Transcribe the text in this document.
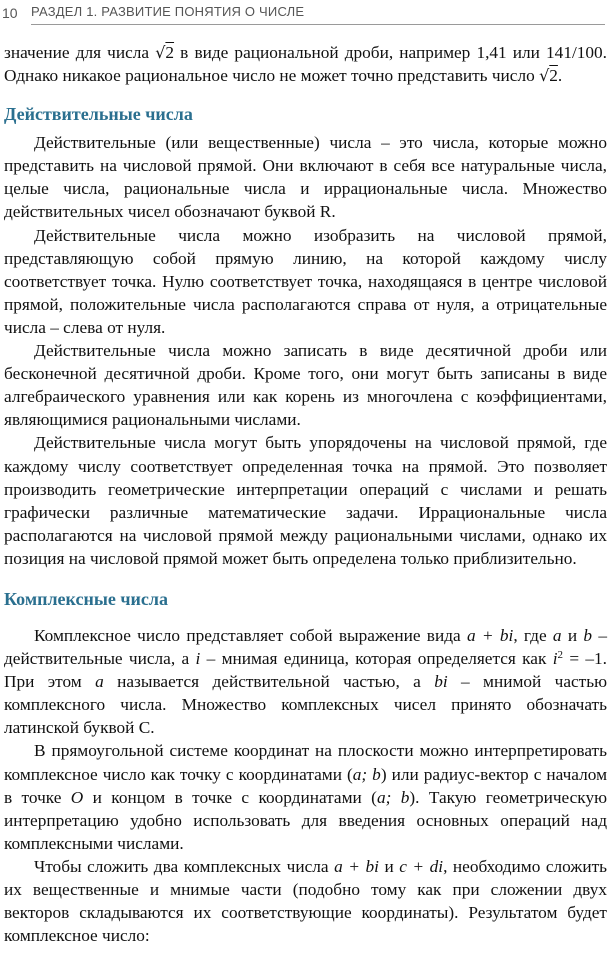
10 РАЗДЕЛ 1. РАЗВИТИЕ ПОНЯТИЯ О ЧИСЛЕ

значение для числа √2 в виде рациональной дроби, например 1,41 или 141/100. Однако никакое рациональное число не может точно представить число √2.

Действительные числа

Действительные (или вещественные) числа – это числа, которые можно представить на числовой прямой. Они включают в себя все натуральные числа, целые числа, рациональные числа и иррациональные числа. Множество действительных чисел обозначают буквой R.

Действительные числа можно изобразить на числовой прямой, представляющую собой прямую линию, на которой каждому числу соответствует точка. Нулю соответствует точка, находящаяся в центре числовой прямой, положительные числа располагаются справа от нуля, а отрицательные числа – слева от нуля.

Действительные числа можно записать в виде десятичной дроби или бесконечной десятичной дроби. Кроме того, они могут быть записаны в виде алгебраического уравнения или как корень из многочлена с коэффициентами, являющимися рациональными числами.

Действительные числа могут быть упорядочены на числовой прямой, где каждому числу соответствует определенная точка на прямой. Это позволяет производить геометрические интерпретации операций с числами и решать графически различные математические задачи. Иррациональные числа располагаются на числовой прямой между рациональными числами, однако их позиция на числовой прямой может быть определена только приблизительно.

Комплексные числа

Комплексное число представляет собой выражение вида a + bi, где a и b – действительные числа, а i – мнимая единица, которая определяется как $i^2 = -1$. При этом a называется действительной частью, а bi – мнимой частью комплексного числа. Множество комплексных чисел принято обозначать латинской буквой C.

В прямоугольной системе координат на плоскости можно интерпретировать комплексное число как точку с координатами (a; b) или радиус-вектор с началом в точке O и концом в точке с координатами (a; b). Такую геометрическую интерпретацию удобно использовать для введения основных операций над комплексными числами.

Чтобы сложить два комплексных числа a + bi и c + di, необходимо сложить их вещественные и мнимые части (подобно тому как при сложении двух векторов складываются их соответствующие координаты). Результатом будет комплексное число:
